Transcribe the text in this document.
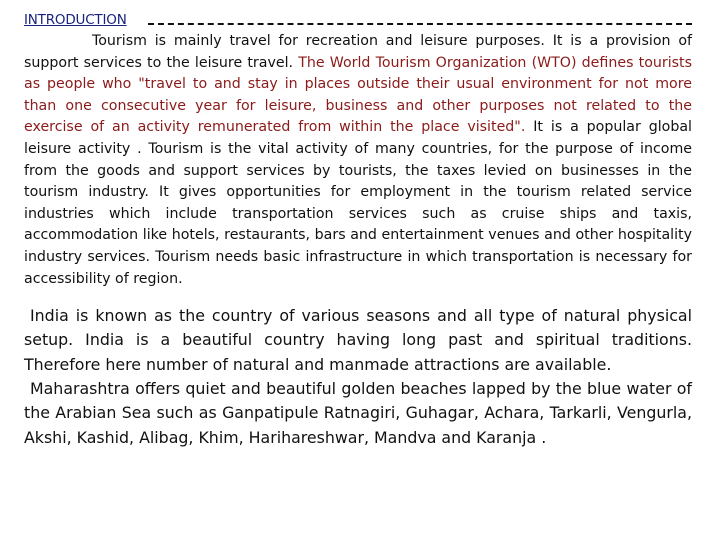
INTRODUCTION

Tourism is mainly travel for recreation and leisure purposes. It is a provision of support services to the leisure travel. The World Tourism Organization (WTO) defines tourists as people who "travel to and stay in places outside their usual environment for not more than one consecutive year for leisure, business and other purposes not related to the exercise of an activity remunerated from within the place visited". It is a popular global leisure activity . Tourism is the vital activity of many countries, for the purpose of income from the goods and support services by tourists, the taxes levied on businesses in the tourism industry. It gives opportunities for employment in the tourism related service industries which include transportation services such as cruise ships and taxis, accommodation like hotels, restaurants, bars and entertainment venues and other hospitality industry services. Tourism needs basic infrastructure in which transportation is necessary for accessibility of region.

India is known as the country of various seasons and all type of natural physical setup. India is a beautiful country having long past and spiritual traditions. Therefore here number of natural and manmade attractions are available.

Maharashtra offers quiet and beautiful golden beaches lapped by the blue water of the Arabian Sea such as Ganpatipule Ratnagiri, Guhagar, Achara, Tarkarli, Vengurla, Akshi, Kashid, Alibag, Khim, Harihareshwar, Mandva and Karanja .
